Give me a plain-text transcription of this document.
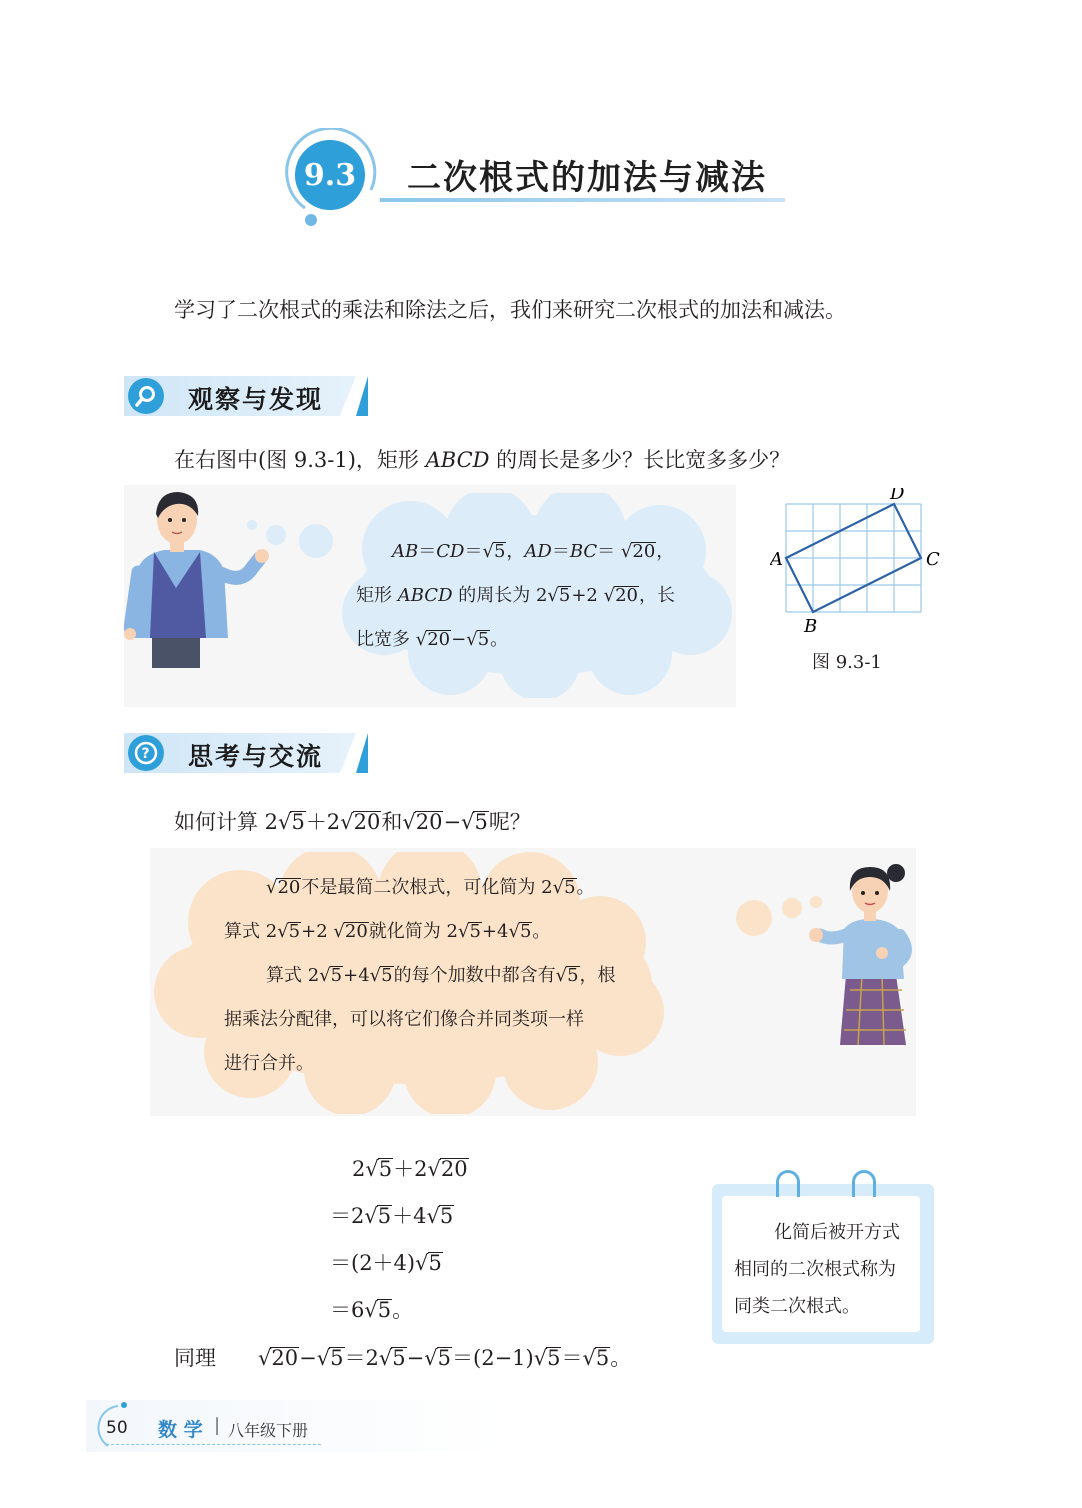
9.3 二次根式的加法与减法
学习了二次根式的乘法和除法之后，我们来研究二次根式的加法和减法。
观察与发现
在右图中(图 9.3-1)，矩形 ABCD 的周长是多少？长比宽多多少？
AB＝CD＝√5，AD＝BC＝ √20，
矩形 ABCD 的周长为 2√5+2 √20，长
比宽多 √20−√5。
A
D
C
B
图 9.3-1
? 思考与交流
如何计算 2√5＋2√20和√20−√5呢？
√20不是最简二次根式，可化简为 2√5。
算式 2√5+2 √20就化简为 2√5+4√5。
算式 2√5+4√5的每个加数中都含有√5，根
据乘法分配律，可以将它们像合并同类项一样
进行合并。
2√5＋2√20
＝2√5＋4√5
＝(2＋4)√5
＝6√5。
同理 √20−√5＝2√5−√5＝(2−1)√5＝√5。
化简后被开方式
相同的二次根式称为
同类二次根式。
50 数 学 | 八年级下册
